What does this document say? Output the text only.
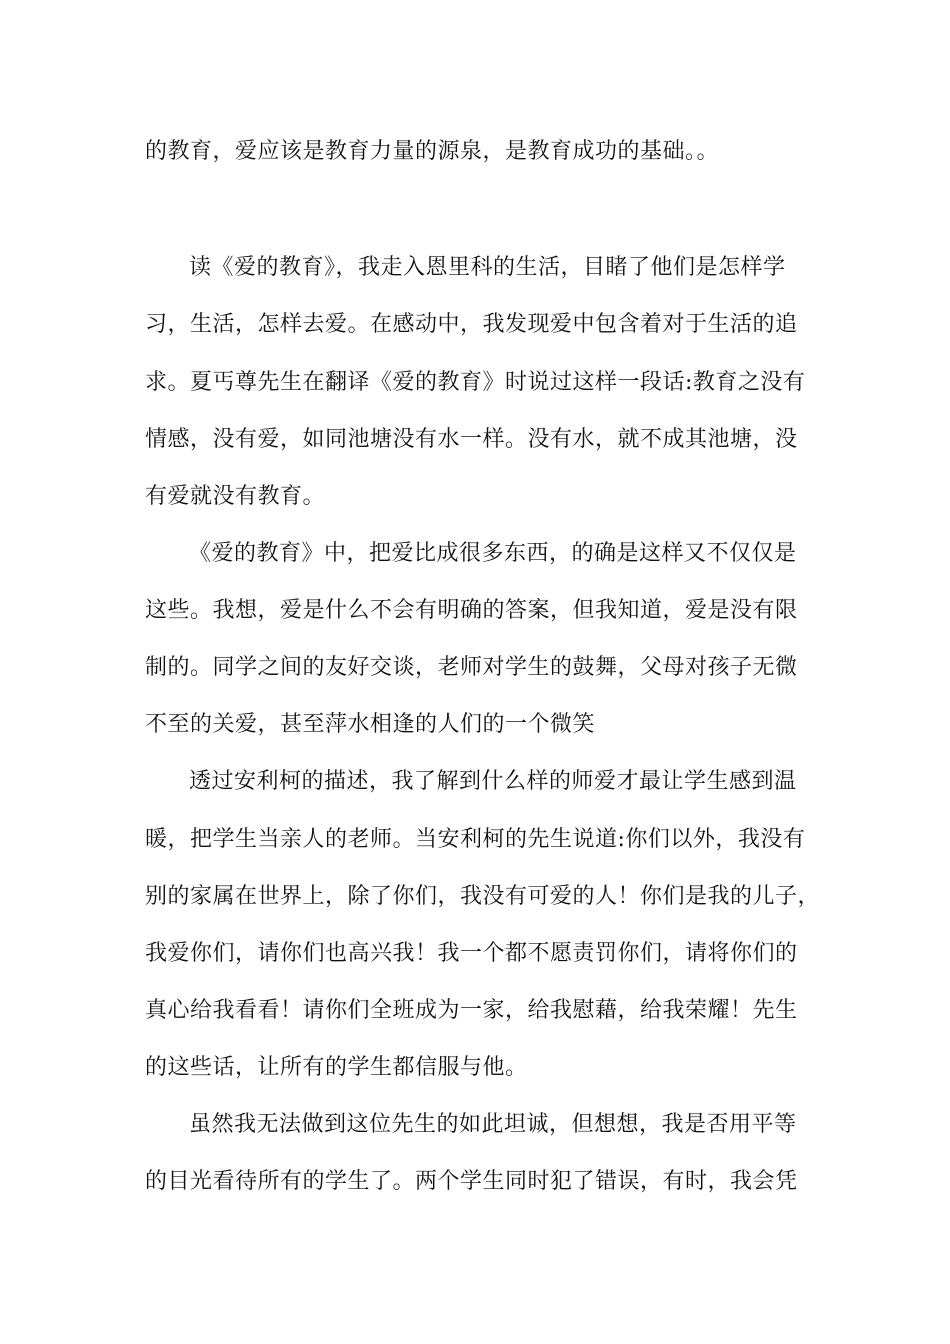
的教育，爱应该是教育力量的源泉，是教育成功的基础。。
读《爱的教育》，我走入恩里科的生活，目睹了他们是怎样学
习，生活，怎样去爱。在感动中，我发现爱中包含着对于生活的追
求。夏丐尊先生在翻译《爱的教育》时说过这样一段话:教育之没有
情感，没有爱，如同池塘没有水一样。没有水，就不成其池塘，没
有爱就没有教育。
《爱的教育》中，把爱比成很多东西，的确是这样又不仅仅是
这些。我想，爱是什么不会有明确的答案，但我知道，爱是没有限
制的。同学之间的友好交谈，老师对学生的鼓舞，父母对孩子无微
不至的关爱，甚至萍水相逢的人们的一个微笑
透过安利柯的描述，我了解到什么样的师爱才最让学生感到温
暖，把学生当亲人的老师。当安利柯的先生说道:你们以外，我没有
别的家属在世界上，除了你们，我没有可爱的人！你们是我的儿子，
我爱你们，请你们也高兴我！我一个都不愿责罚你们，请将你们的
真心给我看看！请你们全班成为一家，给我慰藉，给我荣耀！先生
的这些话，让所有的学生都信服与他。
虽然我无法做到这位先生的如此坦诚，但想想，我是否用平等
的目光看待所有的学生了。两个学生同时犯了错误，有时，我会凭
